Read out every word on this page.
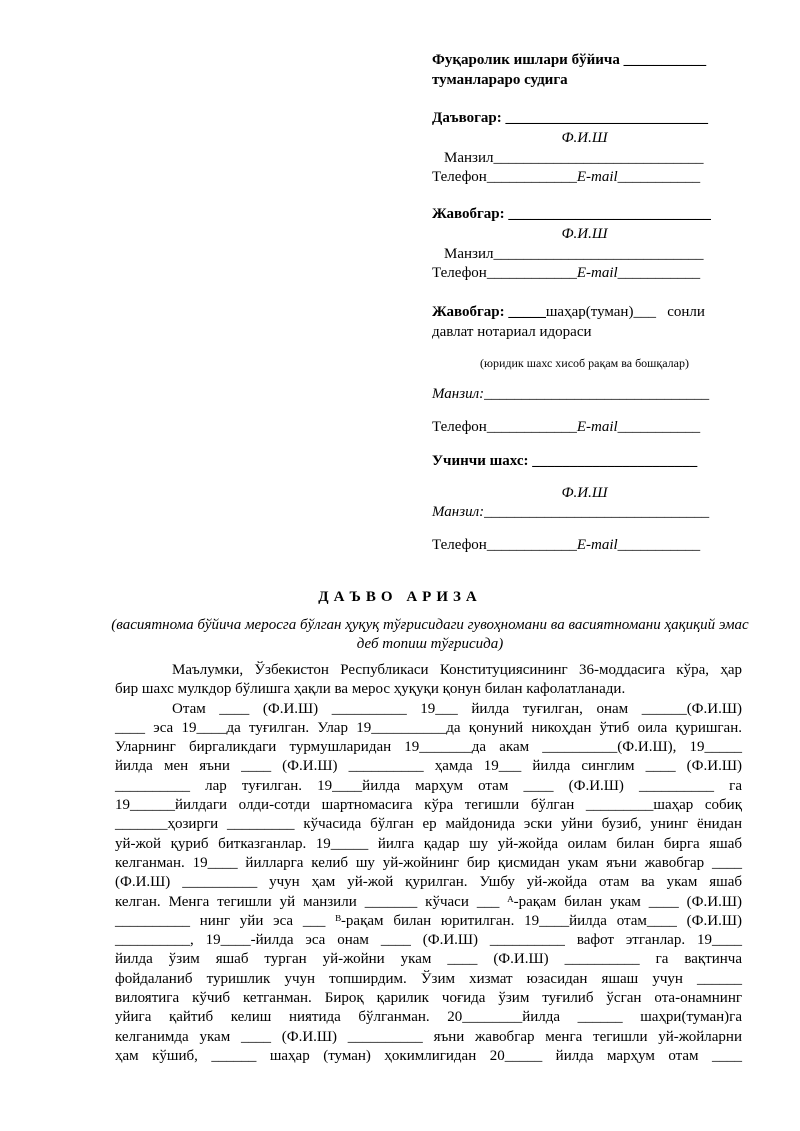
Фуқаролик ишлари бўйича ___________
туманлараро судига
Даъвогар: ___________________________
Ф.И.Ш
Манзил____________________________
Телефон____________E-mail___________
Жавобгар: ___________________________
Ф.И.Ш
Манзил____________________________
Телефон____________E-mail___________
Жавобгар: _____шаҳар(туман)___   сонли
давлат нотариал идораси
(юридик шахс хисоб рақам ва бошқалар)
Манзил:______________________________
Телефон____________E-mail___________
Учинчи шахс: ______________________
Ф.И.Ш
Манзил:______________________________
Телефон____________E-mail___________
ДАЪВО АРИЗА
(васиятнома бўйича меросга бўлган ҳуқуқ тўғрисидаги гувоҳномани ва васиятномани ҳақиқий эмас деб топиш тўғрисида)
Маълумки, Ўзбекистон Республикаси Конституциясининг 36-моддасига кўра, ҳар
бир шахс мулкдор бўлишга ҳақли ва мерос ҳуқуқи қонун билан кафолатланади.
Отам ____ (Ф.И.Ш) __________ 19___ йилда туғилган, онам ______(Ф.И.Ш)
____ эса 19____да туғилган. Улар 19__________да қонуний никоҳдан ўтиб оила қуришган.
Уларнинг биргаликдаги турмушларидан 19_______да акам __________(Ф.И.Ш), 19_____
йилда мен яъни ____ (Ф.И.Ш) __________ ҳамда 19___ йилда синглим ____ (Ф.И.Ш)
__________ лар туғилган. 19____йилда марҳум отам ____ (Ф.И.Ш) __________ га
19______йилдаги олди-сотди шартномасига кўра тегишли бўлган _________шаҳар собиқ
_______ҳозирги _________ кўчасида бўлган ер майдонида эски уйни бузиб, унинг ёнидан
уй-жой қуриб битказганлар. 19_____ йилга қадар шу уй-жойда оилам билан бирга яшаб
келганман. 19____ йилларга келиб шу уй-жойнинг бир қисмидан укам яъни жавобгар ____
(Ф.И.Ш) __________ учун ҳам уй-жой қурилган. Ушбу уй-жойда отам ва укам яшаб
келган. Менга тегишли уй манзили _______ кўчаси ___ ᴬ-рақам билан укам ____ (Ф.И.Ш)
__________ нинг уйи эса ___ ᴮ-рақам билан юритилган. 19____йилда отам____ (Ф.И.Ш)
__________, 19____-йилда эса онам ____ (Ф.И.Ш) __________ вафот этганлар. 19____
йилда ўзим яшаб турган уй-жойни укам ____ (Ф.И.Ш) __________ га вақтинча
фойдаланиб туришлик учун топширдим. Ўзим хизмат юзасидан яшаш учун ______
вилоятига кўчиб кетганман. Бироқ қарилик чоғида ўзим туғилиб ўсган ота-онамнинг
уйига қайтиб келиш ниятида бўлганман. 20________йилда ______ шаҳри(туман)га
келганимда укам ____ (Ф.И.Ш) __________ яъни жавобгар менга тегишли уй-жойларни
ҳам кўшиб, ______ шаҳар (туман) ҳокимлигидан 20_____ йилда марҳум отам ____
